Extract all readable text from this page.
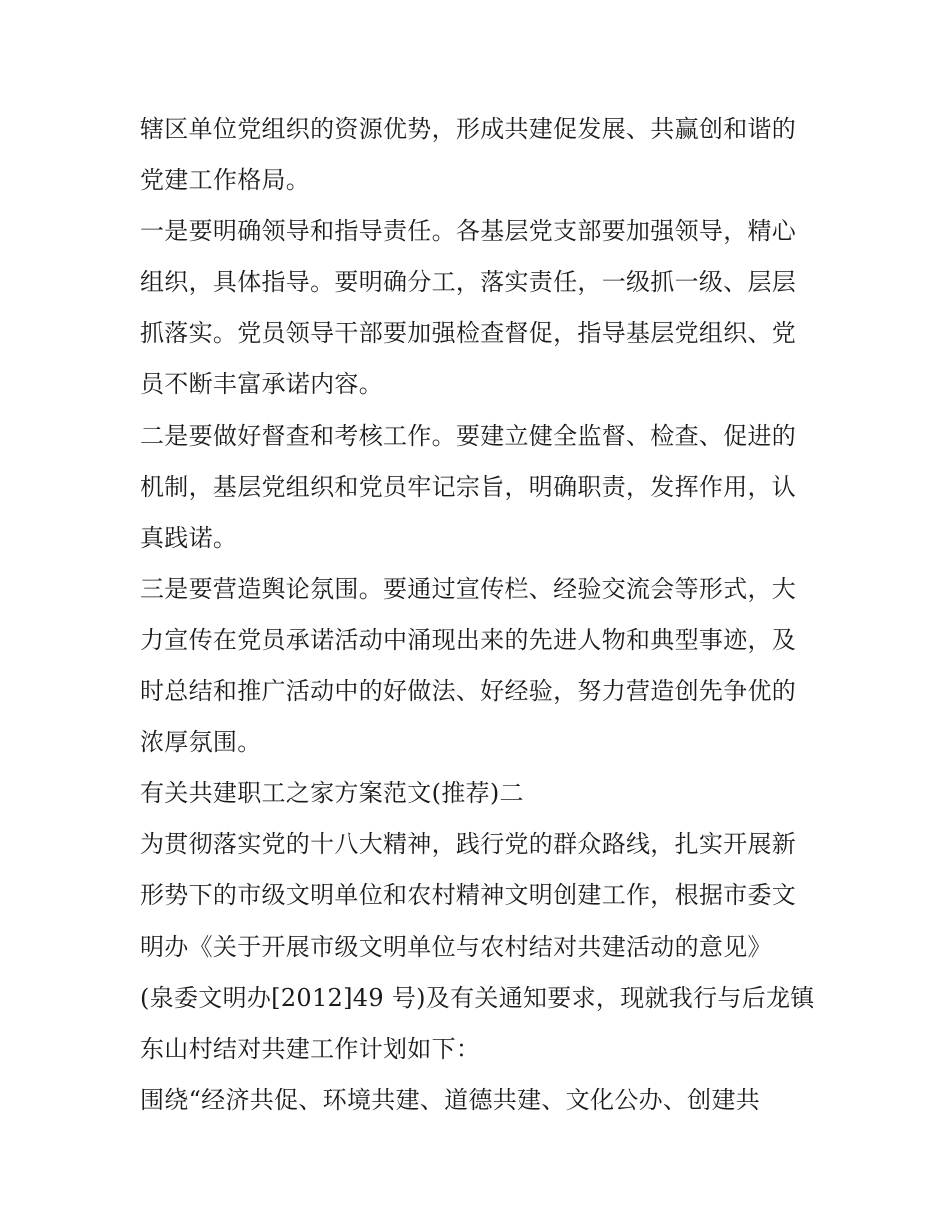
辖区单位党组织的资源优势，形成共建促发展、共赢创和谐的
党建工作格局。
一是要明确领导和指导责任。各基层党支部要加强领导，精心
组织，具体指导。要明确分工，落实责任，一级抓一级、层层
抓落实。党员领导干部要加强检查督促，指导基层党组织、党
员不断丰富承诺内容。
二是要做好督查和考核工作。要建立健全监督、检查、促进的
机制，基层党组织和党员牢记宗旨，明确职责，发挥作用，认
真践诺。
三是要营造舆论氛围。要通过宣传栏、经验交流会等形式，大
力宣传在党员承诺活动中涌现出来的先进人物和典型事迹，及
时总结和推广活动中的好做法、好经验，努力营造创先争优的
浓厚氛围。
有关共建职工之家方案范文(推荐)二
为贯彻落实党的十八大精神，践行党的群众路线，扎实开展新
形势下的市级文明单位和农村精神文明创建工作，根据市委文
明办《关于开展市级文明单位与农村结对共建活动的意见》
(泉委文明办[2012]49 号)及有关通知要求，现就我行与后龙镇
东山村结对共建工作计划如下：
围绕“经济共促、环境共建、道德共建、文化公办、创建共
